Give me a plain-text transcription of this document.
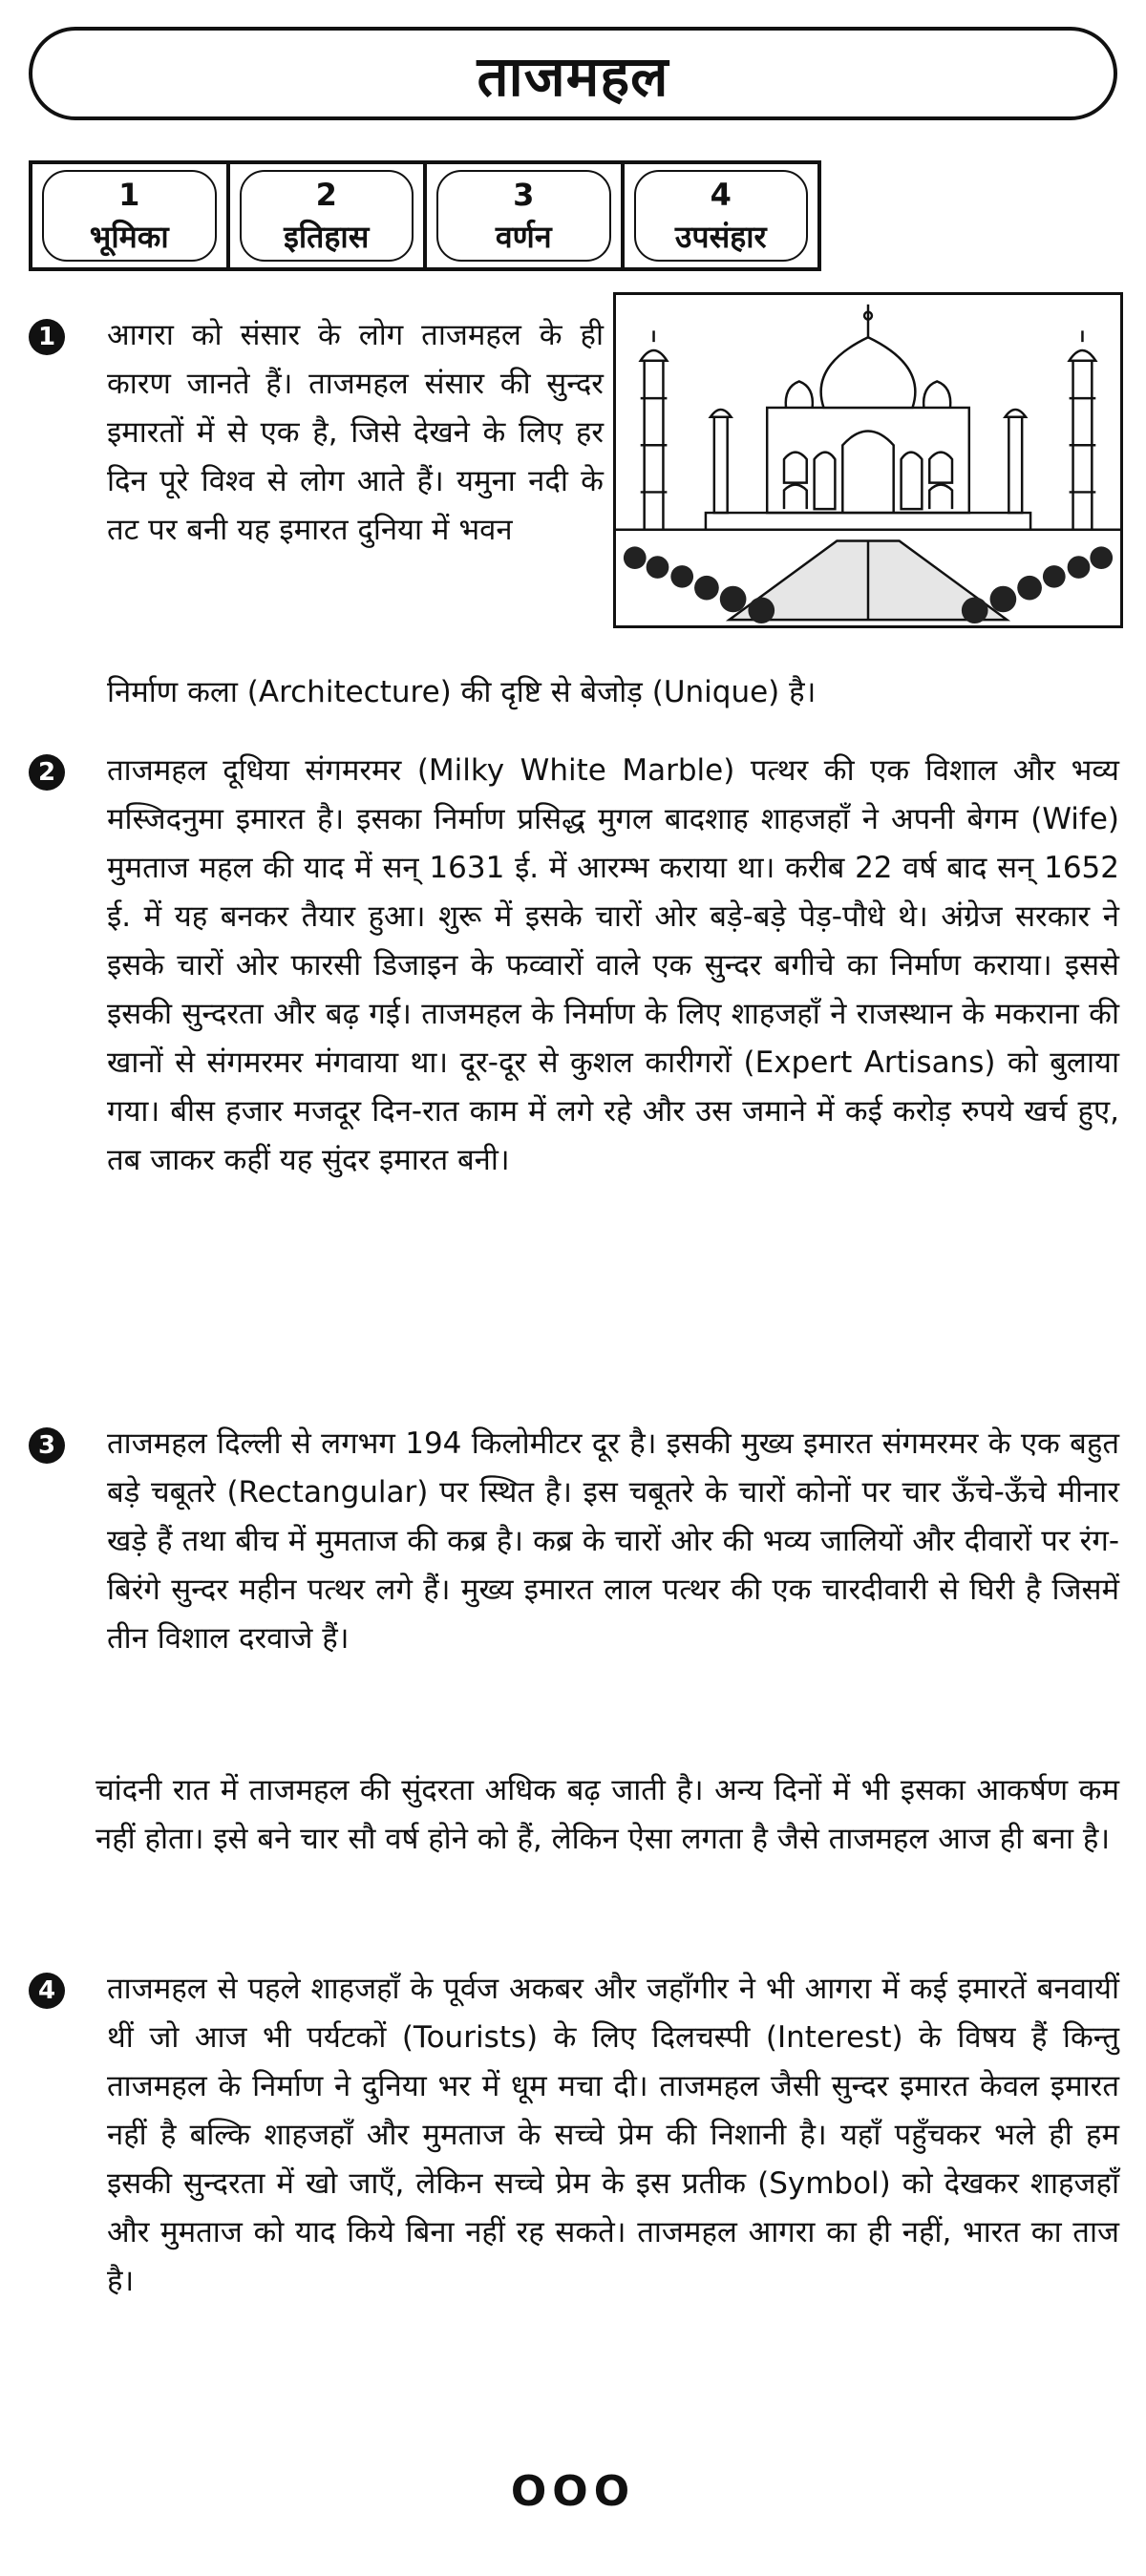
ताजमहल
1
भूमिका
2
इतिहास
3
वर्णन
4
उपसंहार
1	आगरा को संसार के लोग ताजमहल के ही कारण जानते हैं। ताजमहल संसार की सुन्दर इमारतों में से एक है, जिसे देखने के लिए हर दिन पूरे विश्व से लोग आते हैं। यमुना नदी के तट पर बनी यह इमारत दुनिया में भवन
निर्माण कला (Architecture) की दृष्टि से बेजोड़ (Unique) है।
2	ताजमहल दूधिया संगमरमर (Milky White Marble) पत्थर की एक विशाल और भव्य मस्जिदनुमा इमारत है। इसका निर्माण प्रसिद्ध मुगल बादशाह शाहजहाँ ने अपनी बेगम (Wife) मुमताज महल की याद में सन् 1631 ई. में आरम्भ कराया था। करीब 22 वर्ष बाद सन् 1652 ई. में यह बनकर तैयार हुआ। शुरू में इसके चारों ओर बड़े-बड़े पेड़-पौधे थे। अंग्रेज सरकार ने इसके चारों ओर फारसी डिजाइन के फव्वारों वाले एक सुन्दर बगीचे का निर्माण कराया। इससे इसकी सुन्दरता और बढ़ गई। ताजमहल के निर्माण के लिए शाहजहाँ ने राजस्थान के मकराना की खानों से संगमरमर मंगवाया था। दूर-दूर से कुशल कारीगरों (Expert Artisans) को बुलाया गया। बीस हजार मजदूर दिन-रात काम में लगे रहे और उस जमाने में कई करोड़ रुपये खर्च हुए, तब जाकर कहीं यह सुंदर इमारत बनी।
3	ताजमहल दिल्ली से लगभग 194 किलोमीटर दूर है। इसकी मुख्य इमारत संगमरमर के एक बहुत बड़े चबूतरे (Rectangular) पर स्थित है। इस चबूतरे के चारों कोनों पर चार ऊँचे-ऊँचे मीनार खड़े हैं तथा बीच में मुमताज की कब्र है। कब्र के चारों ओर की भव्य जालियों और दीवारों पर रंग-बिरंगे सुन्दर महीन पत्थर लगे हैं। मुख्य इमारत लाल पत्थर की एक चारदीवारी से घिरी है जिसमें तीन विशाल दरवाजे हैं।
चांदनी रात में ताजमहल की सुंदरता अधिक बढ़ जाती है। अन्य दिनों में भी इसका आकर्षण कम नहीं होता। इसे बने चार सौ वर्ष होने को हैं, लेकिन ऐसा लगता है जैसे ताजमहल आज ही बना है।
4	ताजमहल से पहले शाहजहाँ के पूर्वज अकबर और जहाँगीर ने भी आगरा में कई इमारतें बनवायीं थीं जो आज भी पर्यटकों (Tourists) के लिए दिलचस्पी (Interest) के विषय हैं किन्तु ताजमहल के निर्माण ने दुनिया भर में धूम मचा दी। ताजमहल जैसी सुन्दर इमारत केवल इमारत नहीं है बल्कि शाहजहाँ और मुमताज के सच्चे प्रेम की निशानी है। यहाँ पहुँचकर भले ही हम इसकी सुन्दरता में खो जाएँ, लेकिन सच्चे प्रेम के इस प्रतीक (Symbol) को देखकर शाहजहाँ और मुमताज को याद किये बिना नहीं रह सकते। ताजमहल आगरा का ही नहीं, भारत का ताज है।
OOO
